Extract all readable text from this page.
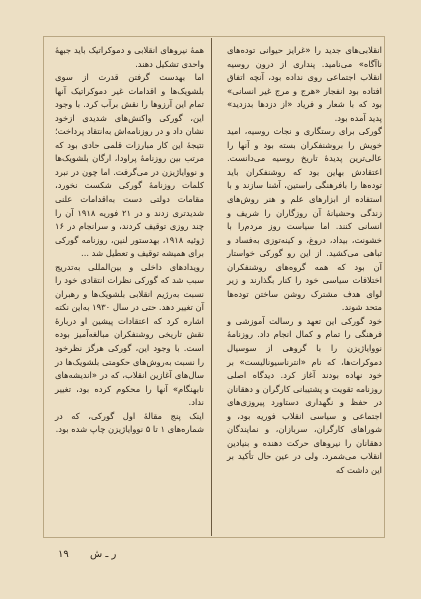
انقلابی‌های جدید را «غرایز حیوانی توده‌های ناآگاه» می‌نامید. پنداری از درون روسیه انقلاب اجتماعی روی نداده بود، آنچه اتفاق افتاده بود انفجار «هرج و مرج غیر انسانی» بود که با شعار و فریاد «از دزدها بدزدید» پدید آمده بود.

گورکی برای رستگاری و نجات روسیه، امید خویش را بروشنفکران بسته بود و آنها را عالی‌ترین پدیدهٔ تاریخ روسیه می‌دانست. اعتقادش بهاین بود که روشنفکران باید توده‌ها را بافرهنگی راستین، آشنا سازند و با استفاده از ابزارهای علم و هنر روش‌های زندگی وحشیانهٔ آن روزگاران را شریف و انسانی کنند. اما سیاست روز مردم‌را با خشونت، بیداد، دروغ، و کینه‌توزی به‌فساد و تباهی می‌کشید. از این رو گورکی خواستار آن بود که همه گروه‌های روشنفکران اختلافات سیاسی خود را کنار بگذارند و زیر لوای هدف مشترک روشن ساختن توده‌ها متحد شوند.

خود گورکی این تعهد و رسالت آموزشی و فرهنگی را تمام و کمال انجام داد. روزنامهٔ نووایاژیزن را با گروهی از سوسیال دموکرات‌ها، که نام «انترناسیونالیست» بر خود نهاده بودند آغاز کرد. دیدگاه اصلی روزنامه تقویت و پشتیبانی کارگران و دهقانان در حفظ و نگهداری دستاورد پیروزی‌های اجتماعی و سیاسی انقلاب فوریه بود، و شوراهای کارگران، سربازان، و نمایندگان دهقانان را نیروهای حرکت دهنده و بنیادین انقلاب می‌شمرد. ولی در عین حال تأکید بر این داشت که

همهٔ نیروهای انقلابی و دموکراتیک باید جبههٔ واحدی تشکیل دهند.

اما بهدست گرفتن قدرت از سوی بلشویک‌ها و اقدامات غیر دموکراتیک آنها تمام این آرزوها را نقش برآب کرد. با وجود این، گورکی واکنش‌های شدیدی ازخود نشان داد و در روزنامه‌اش به‌انتقاد پرداخت؛ نتیجهٔ این کار مبارزات قلمی حادی بود که مرتب بین روزنامهٔ پراودا، ارگان بلشویک‌ها و نووایاژیزن در می‌گرفت. اما چون در نبرد کلمات روزنامهٔ گورکی شکست نخورد، مقامات دولتی دست به‌اقدامات علنی شدیدتری زدند و در ۲۱ فوریه ۱۹۱۸ آن را چند روزی توقیف کردند، و سرانجام در ۱۶ ژوئیه ۱۹۱۸، بهدستور لنین، روزنامه گورکی برای همیشه توقیف و تعطیل شد ...

رویدادهای داخلی و بین‌المللی به‌تدریج سبب شد که گورکی نظرات انتقادی خود را نسبت به‌رژیم انقلابی بلشویک‌ها و رهبران آن تغییر دهد. حتی در سال ۱۹۳۰ به‌این نکته اشاره کرد که اعتقادات پیشین او دربارهٔ نقش تاریخی روشنفکران مبالغه‌آمیز بوده است. با وجود این، گورکی هرگز نظرخود را نسبت به‌روش‌های حکومتی بلشویک‌ها در سال‌های آغازین انقلاب، که در «اندیشه‌های نابهنگام» آنها را محکوم کرده بود، تغییر نداد.

اینک پنج مقالهٔ اول گورکی، که در شماره‌های ۱ تا ۵ نووایاژیزن چاپ شده بود.

۱۹ ر ـ ش
